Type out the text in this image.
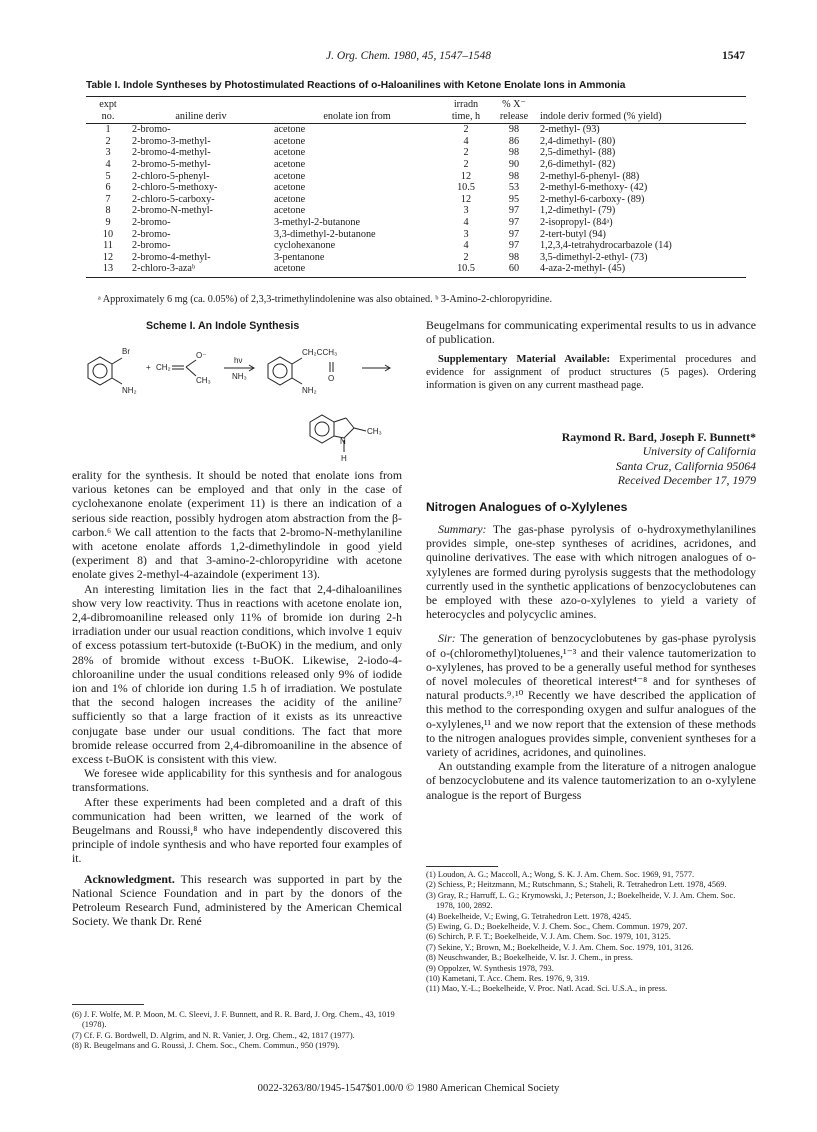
J. Org. Chem. 1980, 45, 1547–1548	1547
Table I. Indole Syntheses by Photostimulated Reactions of o-Haloanilines with Ketone Enolate Ions in Ammonia
expt			irradn	% X⁻	
no.	aniline deriv	enolate ion from	time, h	release	indole deriv formed (% yield)
1	2-bromo-	acetone	2	98	2-methyl- (93)
2	2-bromo-3-methyl-	acetone	4	86	2,4-dimethyl- (80)
3	2-bromo-4-methyl-	acetone	2	98	2,5-dimethyl- (88)
4	2-bromo-5-methyl-	acetone	2	90	2,6-dimethyl- (82)
5	2-chloro-5-phenyl-	acetone	12	98	2-methyl-6-phenyl- (88)
6	2-chloro-5-methoxy-	acetone	10.5	53	2-methyl-6-methoxy- (42)
7	2-chloro-5-carboxy-	acetone	12	95	2-methyl-6-carboxy- (89)
8	2-bromo-N-methyl-	acetone	3	97	1,2-dimethyl- (79)
9	2-bromo-	3-methyl-2-butanone	4	97	2-isopropyl- (84ᵃ)
10	2-bromo-	3,3-dimethyl-2-butanone	3	97	2-tert-butyl (94)
11	2-bromo-	cyclohexanone	4	97	1,2,3,4-tetrahydrocarbazole (14)
12	2-bromo-4-methyl-	3-pentanone	2	98	3,5-dimethyl-2-ethyl- (73)
13	2-chloro-3-azaᵇ	acetone	10.5	60	4-aza-2-methyl- (45)
ᵃ Approximately 6 mg (ca. 0.05%) of 2,3,3-trimethylindolenine was also obtained. ᵇ 3-Amino-2-chloropyridine.
Scheme I. An Indole Synthesis
Br
NH₂
+ CH₂
O⁻
CH₃
hν
NH₃
CH₂CCH₃
O
NH₂
N
CH₃
H

erality for the synthesis. It should be noted that enolate ions from various ketones can be employed and that only in the case of cyclohexanone enolate (experiment 11) is there an indication of a serious side reaction, possibly hydrogen atom abstraction from the β-carbon.⁶ We call attention to the facts that 2-bromo-N-methylaniline with acetone enolate affords 1,2-dimethylindole in good yield (experiment 8) and that 3-amino-2-chloropyridine with acetone enolate gives 2-methyl-4-azaindole (experiment 13).

An interesting limitation lies in the fact that 2,4-dihaloanilines show very low reactivity. Thus in reactions with acetone enolate ion, 2,4-dibromoaniline released only 11% of bromide ion during 2-h irradiation under our usual reaction conditions, which involve 1 equiv of excess potassium tert-butoxide (t-BuOK) in the medium, and only 28% of bromide without excess t-BuOK. Likewise, 2-iodo-4-chloroaniline under the usual conditions released only 9% of iodide ion and 1% of chloride ion during 1.5 h of irradiation. We postulate that the second halogen increases the acidity of the aniline⁷ sufficiently so that a large fraction of it exists as its unreactive conjugate base under our usual conditions. The fact that more bromide release occurred from 2,4-dibromoaniline in the absence of excess t-BuOK is consistent with this view.

We foresee wide applicability for this synthesis and for analogous transformations.

After these experiments had been completed and a draft of this communication had been written, we learned of the work of Beugelmans and Roussi,⁸ who have independently discovered this principle of indole synthesis and who have reported four examples of it.

Acknowledgment. This research was supported in part by the National Science Foundation and in part by the donors of the Petroleum Research Fund, administered by the American Chemical Society. We thank Dr. René

(6) J. F. Wolfe, M. P. Moon, M. C. Sleevi, J. F. Bunnett, and R. R. Bard, J. Org. Chem., 43, 1019 (1978).

(7) Cf. F. G. Bordwell, D. Algrim, and N. R. Vanier, J. Org. Chem., 42, 1817 (1977).

(8) R. Beugelmans and G. Roussi, J. Chem. Soc., Chem. Commun., 950 (1979).

Beugelmans for communicating experimental results to us in advance of publication.

Supplementary Material Available: Experimental procedures and evidence for assignment of product structures (5 pages). Ordering information is given on any current masthead page.

Raymond R. Bard, Joseph F. Bunnett*
University of California
Santa Cruz, California 95064
Received December 17, 1979
Nitrogen Analogues of o-Xylylenes

Summary: The gas-phase pyrolysis of o-hydroxymethylanilines provides simple, one-step syntheses of acridines, acridones, and quinoline derivatives. The ease with which nitrogen analogues of o-xylylenes are formed during pyrolysis suggests that the methodology currently used in the synthetic applications of benzocyclobutenes can be employed with these azo-o-xylylenes to yield a variety of heterocycles and polycyclic amines.

Sir: The generation of benzocyclobutenes by gas-phase pyrolysis of o-(chloromethyl)toluenes,¹⁻³ and their valence tautomerization to o-xylylenes, has proved to be a generally useful method for syntheses of novel molecules of theoretical interest⁴⁻⁸ and for syntheses of natural products.⁹˒¹⁰ Recently we have described the application of this method to the corresponding oxygen and sulfur analogues of the o-xylylenes,¹¹ and we now report that the extension of these methods to the nitrogen analogues provides simple, convenient syntheses for a variety of acridines, acridones, and quinolines.

An outstanding example from the literature of a nitrogen analogue of benzocyclobutene and its valence tautomerization to an o-xylylene analogue is the report of Burgess

(1) Loudon, A. G.; Maccoll, A.; Wong, S. K. J. Am. Chem. Soc. 1969, 91, 7577.

(2) Schiess, P.; Heitzmann, M.; Rutschmann, S.; Staheli, R. Tetrahedron Lett. 1978, 4569.

(3) Gray, R.; Harruff, L. G.; Krymowski, J.; Peterson, J.; Boekelheide, V. J. Am. Chem. Soc. 1978, 100, 2892.

(4) Boekelheide, V.; Ewing, G. Tetrahedron Lett. 1978, 4245.

(5) Ewing, G. D.; Boekelheide, V. J. Chem. Soc., Chem. Commun. 1979, 207.

(6) Schirch, P. F. T.; Boekelheide, V. J. Am. Chem. Soc. 1979, 101, 3125.

(7) Sekine, Y.; Brown, M.; Boekelheide, V. J. Am. Chem. Soc. 1979, 101, 3126.

(8) Neuschwander, B.; Boekelheide, V. Isr. J. Chem., in press.

(9) Oppolzer, W. Synthesis 1978, 793.

(10) Kametani, T. Acc. Chem. Res. 1976, 9, 319.

(11) Mao, Y.-L.; Boekelheide, V. Proc. Natl. Acad. Sci. U.S.A., in press.

0022-3263/80/1945-1547$01.00/0 © 1980 American Chemical Society
